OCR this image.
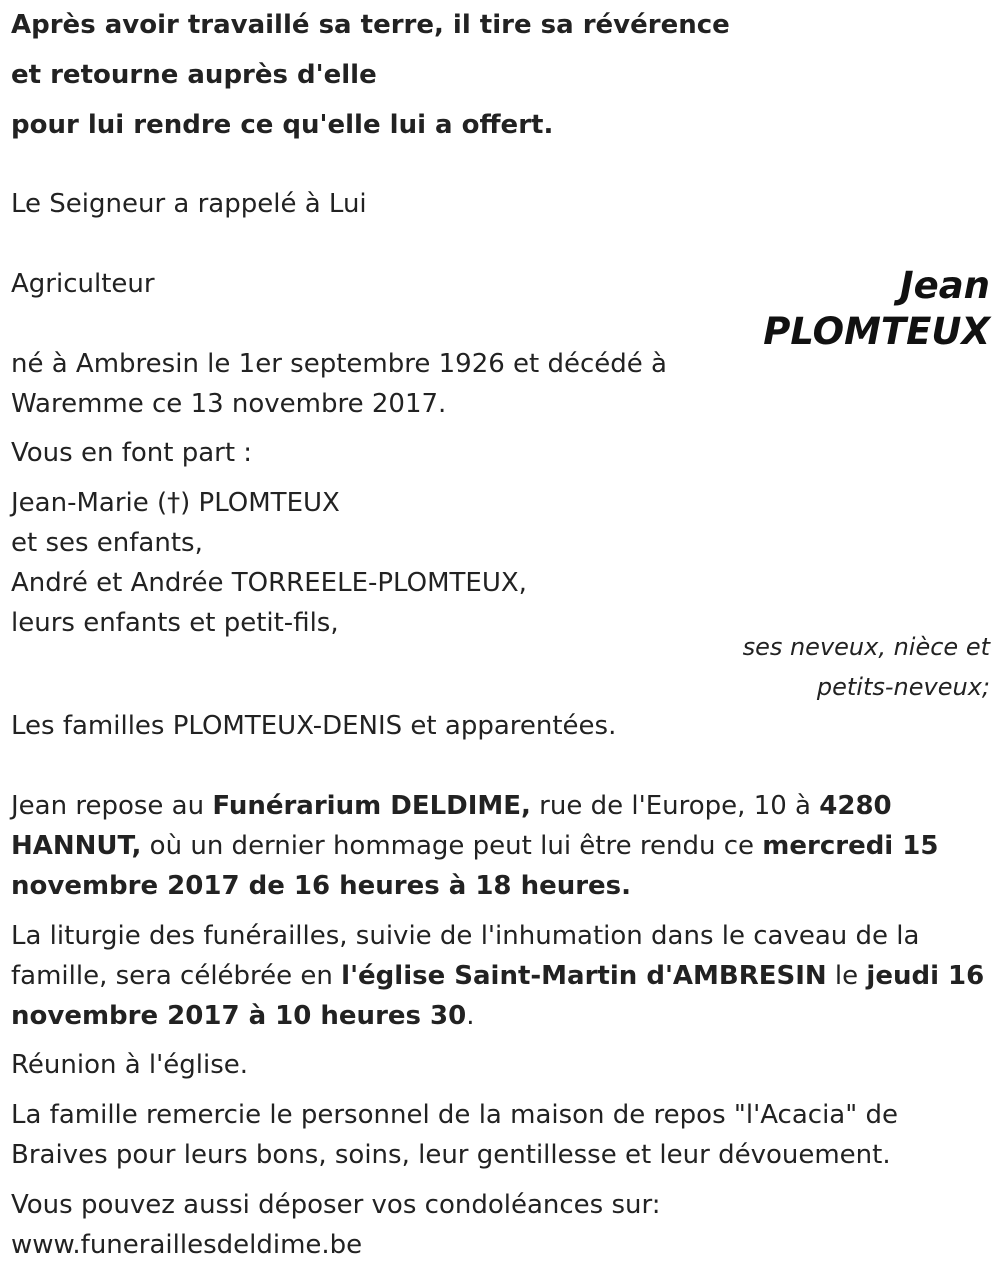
Après avoir travaillé sa terre, il tire sa révérence

et retourne auprès d'elle

pour lui rendre ce qu'elle lui a offert.

Le Seigneur a rappelé à Lui

Agriculteur	Jean
PLOMTEUX

né à Ambresin le 1er septembre 1926 et décédé à

Waremme ce 13 novembre 2017.

Vous en font part :

Jean-Marie (†) PLOMTEUX

et ses enfants,

André et Andrée TORREELE-PLOMTEUX,

leurs enfants et petit-fils,

ses neveux, nièce et
petits-neveux;

Les familles PLOMTEUX-DENIS et apparentées.

Jean repose au Funérarium DELDIME, rue de l'Europe, 10 à 4280

HANNUT, où un dernier hommage peut lui être rendu ce mercredi 15

novembre 2017 de 16 heures à 18 heures.

La liturgie des funérailles, suivie de l'inhumation dans le caveau de la

famille, sera célébrée en l'église Saint-Martin d'AMBRESIN le jeudi 16

novembre 2017 à 10 heures 30.

Réunion à l'église.

La famille remercie le personnel de la maison de repos "l'Acacia" de

Braives pour leurs bons, soins, leur gentillesse et leur dévouement.

Vous pouvez aussi déposer vos condoléances sur:

www.funeraillesdeldime.be
